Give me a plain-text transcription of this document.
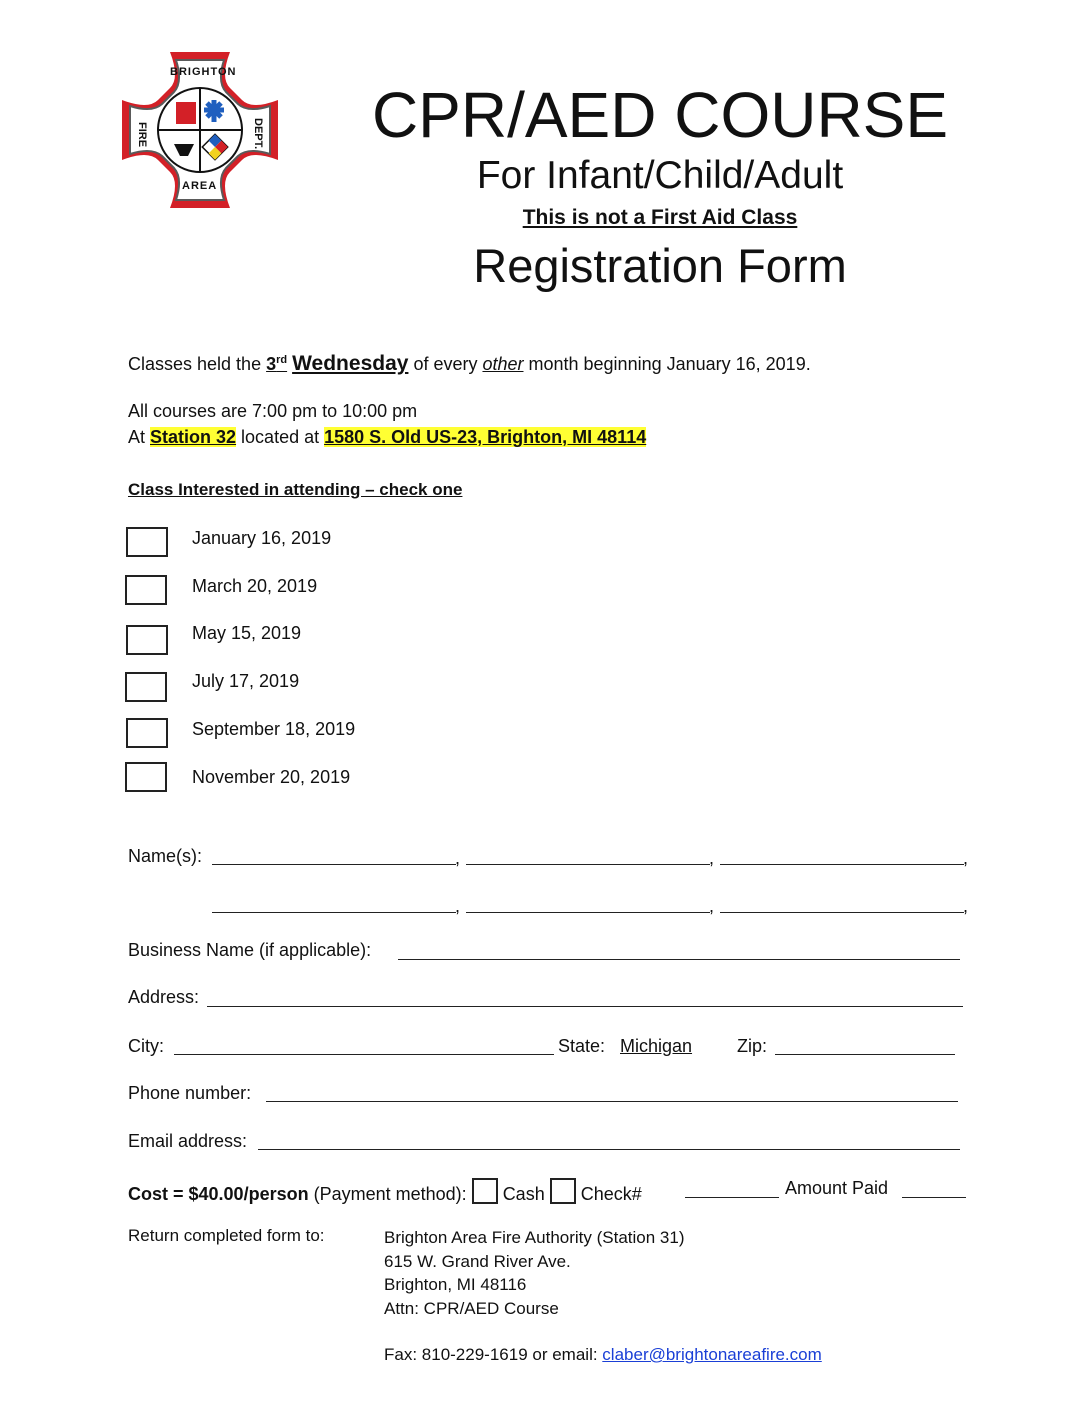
BRIGHTON
FIRE	DEPT.
AREA
CPR/AED COURSE
For Infant/Child/Adult
This is not a First Aid Class
Registration Form
Classes held the 3rd Wednesday of every other month beginning January 16, 2019.
All courses are 7:00 pm to 10:00 pm
At Station 32 located at 1580 S. Old US-23, Brighton, MI 48114
Class Interested in attending – check one
January 16, 2019
March 20, 2019
May 15, 2019
July 17, 2019
September 18, 2019
November 20, 2019
Name(s):	,	,	,
,	,	,
Business Name (if applicable):
Address:
City:	State: Michigan	Zip:
Phone number:
Email address:
Cost = $40.00/person (Payment method):  Cash Check#	Amount Paid
Return completed form to:	Brighton Area Fire Authority (Station 31)
615 W. Grand River Ave.
Brighton, MI 48116
Attn: CPR/AED Course
Fax: 810-229-1619 or email: claber@brightonareafire.com
